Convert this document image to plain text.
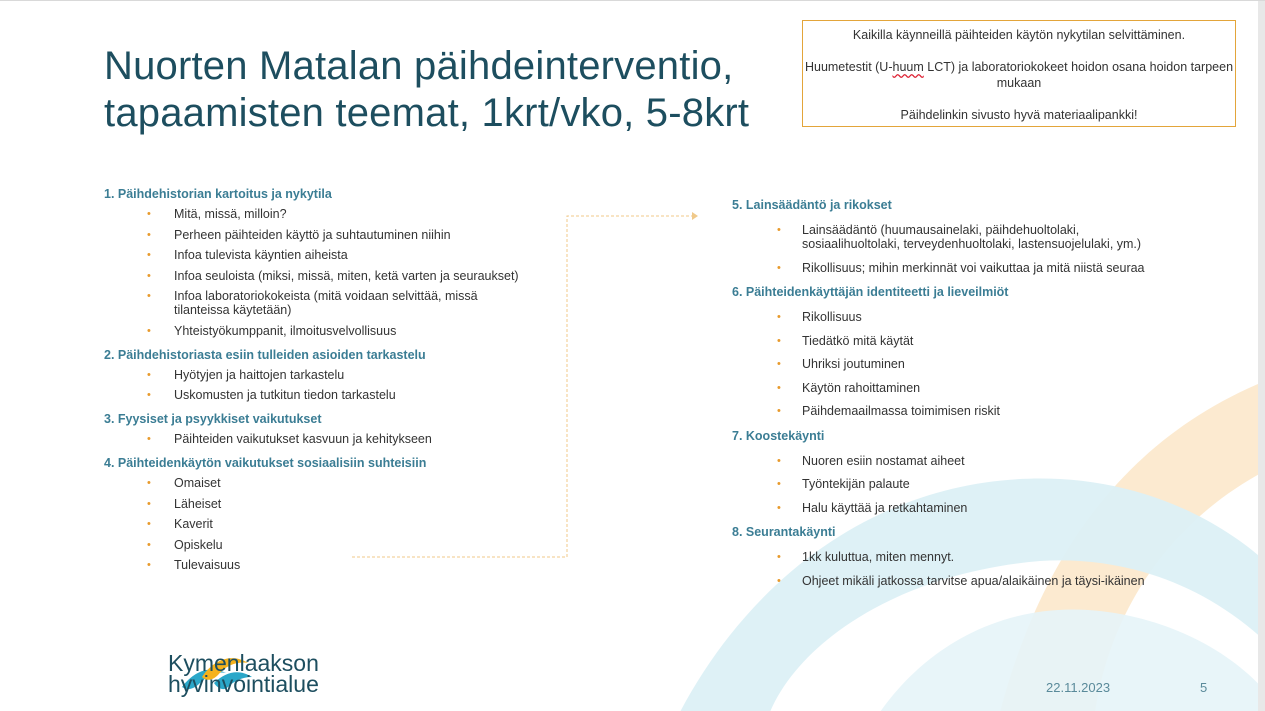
Nuorten Matalan päihdeinterventio,
tapaamisten teemat, 1krt/vko, 5-8krt

Kaikilla käynneillä päihteiden käytön nykytilan selvittäminen.

Huumetestit (U-huum LCT) ja laboratoriokokeet hoidon osana hoidon tarpeen mukaan

Päihdelinkin sivusto hyvä materiaalipankki!

1. Päihdehistorian kartoitus ja nykytila

• Mitä, missä, milloin?
• Perheen päihteiden käyttö ja suhtautuminen niihin
• Infoa tulevista käyntien aiheista
• Infoa seuloista (miksi, missä, miten, ketä varten ja seuraukset)
• Infoa laboratoriokokeista (mitä voidaan selvittää, missä tilanteissa käytetään)
• Yhteistyökumppanit, ilmoitusvelvollisuus

2. Päihdehistoriasta esiin tulleiden asioiden tarkastelu

• Hyötyjen ja haittojen tarkastelu
• Uskomusten ja tutkitun tiedon tarkastelu

3. Fyysiset ja psyykkiset vaikutukset

• Päihteiden vaikutukset kasvuun ja kehitykseen

4. Päihteidenkäytön vaikutukset sosiaalisiin suhteisiin

• Omaiset
• Läheiset
• Kaverit
• Opiskelu
• Tulevaisuus

5. Lainsäädäntö ja rikokset

• Lainsäädäntö (huumausainelaki, päihdehuoltolaki, sosiaalihuoltolaki, terveydenhuoltolaki, lastensuojelulaki, ym.)
• Rikollisuus; mihin merkinnät voi vaikuttaa ja mitä niistä seuraa

6. Päihteidenkäyttäjän identiteetti ja lieveilmiöt

• Rikollisuus
• Tiedätkö mitä käytät
• Uhriksi joutuminen
• Käytön rahoittaminen
• Päihdemaailmassa toimimisen riskit

7. Koostekäynti

• Nuoren esiin nostamat aiheet
• Työntekijän palaute
• Halu käyttää ja retkahtaminen

8. Seurantakäynti

• 1kk kuluttua, miten mennyt.
• Ohjeet mikäli jatkossa tarvitse apua/alaikäinen ja täysi-ikäinen
Kymenlaakson
hyvinvointialue	22.11.2023	5
